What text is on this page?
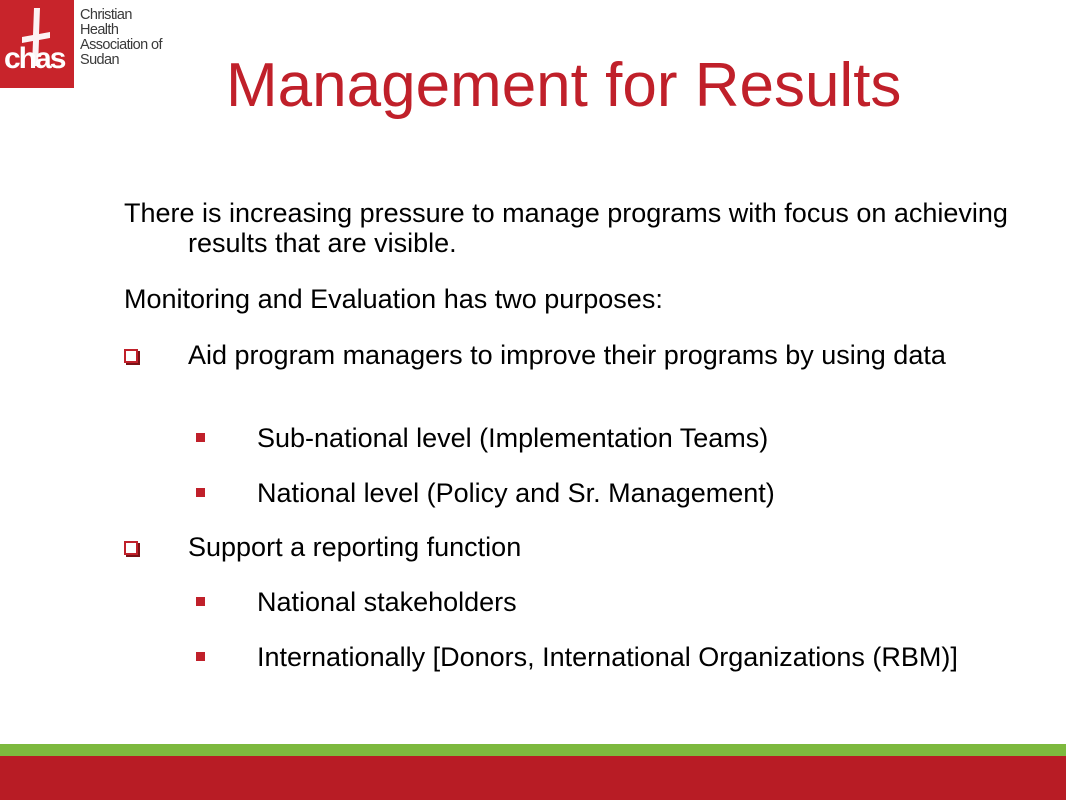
chas
Christian
Health
Association of
Sudan	Management for Results
There is increasing pressure to manage programs with focus on achieving results that are visible.
Monitoring and Evaluation has two purposes:
Aid program managers to improve their programs by using data
Sub-national level (Implementation Teams)
National level (Policy and Sr. Management)
Support a reporting function
National stakeholders
Internationally [Donors, International Organizations (RBM)]
